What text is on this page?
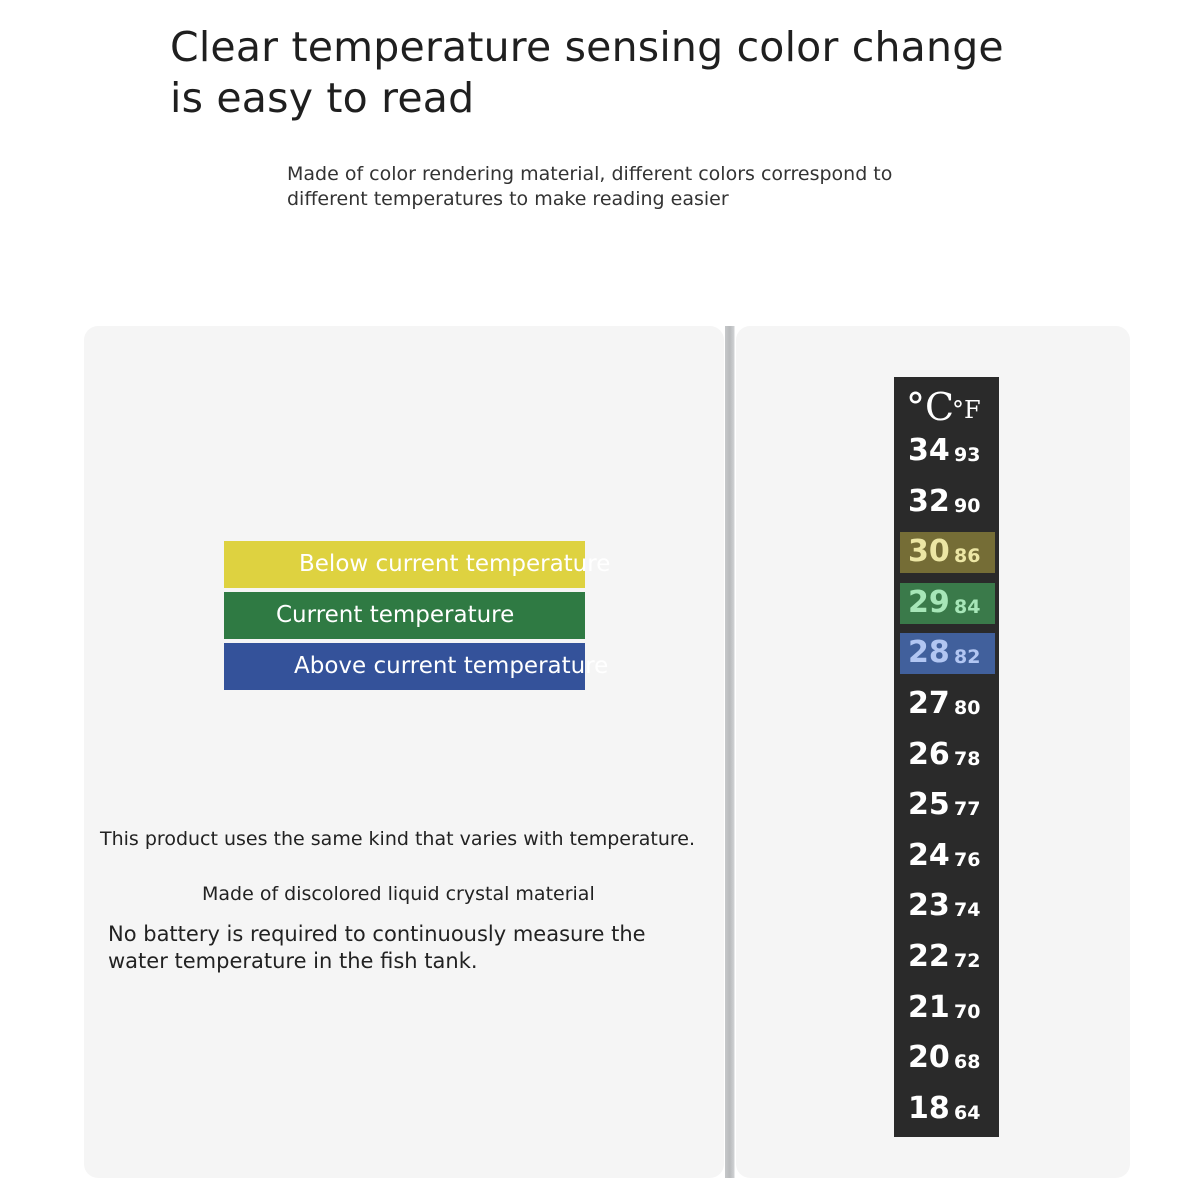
Clear temperature sensing color change
is easy to read

Made of color rendering material, different colors correspond to
different temperatures to make reading easier

Below current temperature
Current temperature
Above current temperature

This product uses the same kind that varies with temperature.

Made of discolored liquid crystal material

No battery is required to continuously measure the
water temperature in the fish tank.

°C
°F
34 93
32 90
30 86
29 84
28 82
27 80
26 78
25 77
24 76
23 74
22 72
21 70
20 68
18 64
